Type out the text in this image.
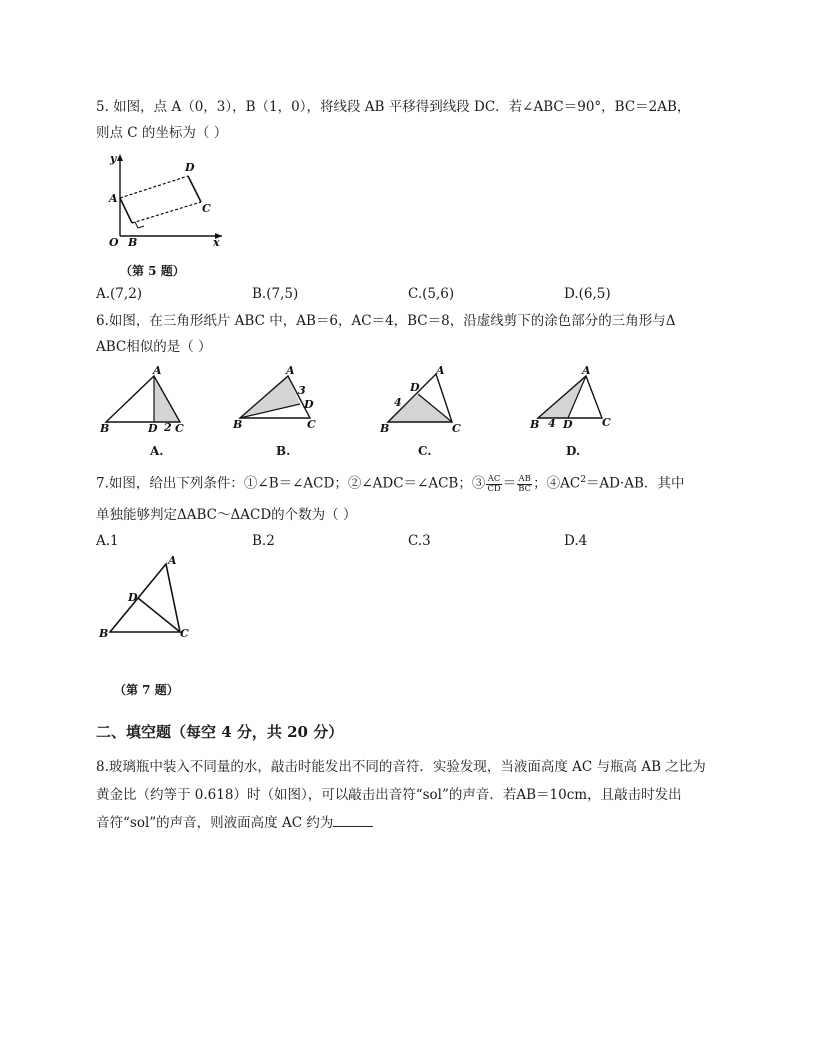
5. 如图，点 A（0，3），B（1，0），将线段 AB 平移得到线段 DC．若∠ABC＝90°，BC＝2AB，
则点 C 的坐标为（ ）
y
x
O
A
B
C
D
（第 5 题）
A.(7,2)	B.(7,5)	C.(5,6)	D.(6,5)
6.如图，在三角形纸片 ABC 中，AB＝6，AC＝4，BC＝8，沿虚线剪下的涂色部分的三角形与Δ
ABC相似的是（ ）
A
B	D 2 C
A
3
D
B	C
A
D
4
B	C
A
B 4 D	C
A.	B.	C.	D.
7.如图，给出下列条件：①∠B＝∠ACD；②∠ADC＝∠ACB；③ $\frac{AC}{CD} = \frac{AB}{BC}$ ；$④AC^2=AD\cdot AB$．其中
单独能够判定ΔABC～ΔACD的个数为（ ）
A.1	B.2	C.3	D.4
A
D
B	C
（第 7 题）
二、填空题（每空 4 分，共 20 分）
8.玻璃瓶中装入不同量的水，敲击时能发出不同的音符．实验发现，当液面高度 AC 与瓶高 AB 之比为
黄金比（约等于 0.618）时（如图），可以敲击出音符“sol”的声音．若AB＝10cm，且敲击时发出
音符“sol”的声音，则液面高度 AC 约为
